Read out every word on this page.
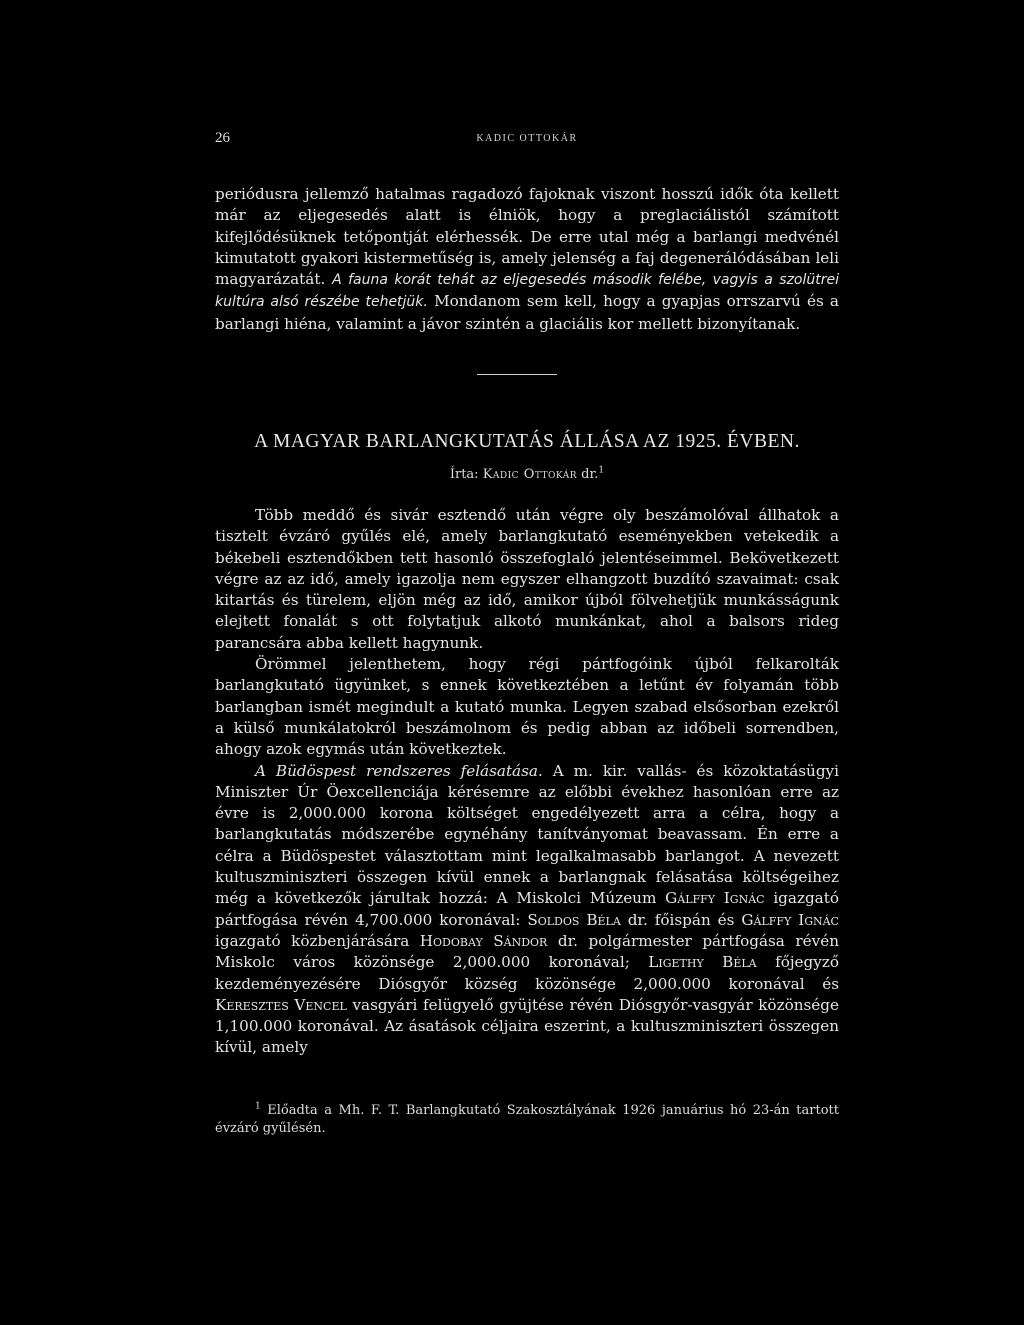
26	KADIC OTTOKÁR
periódusra jellemző hatalmas ragadozó fajoknak viszont hosszú idők óta kellett már az eljegesedés alatt is élniök, hogy a preglaciálistól számított kifejlődésüknek tetőpontját elérhessék. De erre utal még a barlangi medvénél kimutatott gyakori kistermetűség is, amely jelenség a faj degenerálódásában leli magyarázatát. A fauna korát tehát az eljegesedés második felébe, vagyis a szolütrei kultúra alsó részébe tehetjük. Mondanom sem kell, hogy a gyapjas orrszarvú és a barlangi hiéna, valamint a jávor szintén a glaciális kor mellett bizonyítanak.
A MAGYAR BARLANGKUTATÁS ÁLLÁSA AZ 1925. ÉVBEN.
Írta: Kadic Ottokár dr.$^1$

Több meddő és sivár esztendő után végre oly beszámolóval állhatok a tisztelt évzáró gyűlés elé, amely barlangkutató eseményekben vetekedik a békebeli esztendőkben tett hasonló összefoglaló jelentéseimmel. Bekövetkezett végre az az idő, amely igazolja nem egyszer elhangzott buzdító szavaimat: csak kitartás és türelem, eljön még az idő, amikor újból fölvehetjük munkásságunk elejtett fonalát s ott folytatjuk alkotó munkánkat, ahol a balsors rideg parancsára abba kellett hagynunk.

Örömmel jelenthetem, hogy régi pártfogóink újból felkarolták barlangkutató ügyünket, s ennek következtében a letűnt év folyamán több barlangban ismét megindult a kutató munka. Legyen szabad elsősorban ezekről a külső munkálatokról beszámolnom és pedig abban az időbeli sorrendben, ahogy azok egymás után következtek.

A Büdöspest rendszeres felásatása. A m. kir. vallás- és közoktatásügyi Miniszter Úr Öexcellenciája kérésemre az előbbi évekhez hasonlóan erre az évre is 2,000.000 korona költséget engedélyezett arra a célra, hogy a barlangkutatás módszerébe egynéhány tanítványomat beavassam. Én erre a célra a Büdöspestet választottam mint legalkalmasabb barlangot. A nevezett kultuszminiszteri összegen kívül ennek a barlangnak felásatása költségeihez még a következők járultak hozzá: A Miskolci Múzeum Gálffy Ignác igazgató pártfogása révén 4,700.000 koronával: Soldos Béla dr. főispán és Gálffy Ignác igazgató közbenjárására Hodobay Sándor dr. polgármester pártfogása révén Miskolc város közönsége 2,000.000 koronával; Ligethy Béla főjegyző kezdeményezésére Diósgyőr község közönsége 2,000.000 koronával és Keresztes Vencel vasgyári felügyelő gyüjtése révén Diósgyőr-vasgyár közönsége 1,100.000 koronával. Az ásatások céljaira eszerint, a kultuszminiszteri összegen kívül, amely

$^1$ Előadta a Mh. F. T. Barlangkutató Szakosztályának 1926 januárius hó 23-án tartott évzáró gyűlésén.
